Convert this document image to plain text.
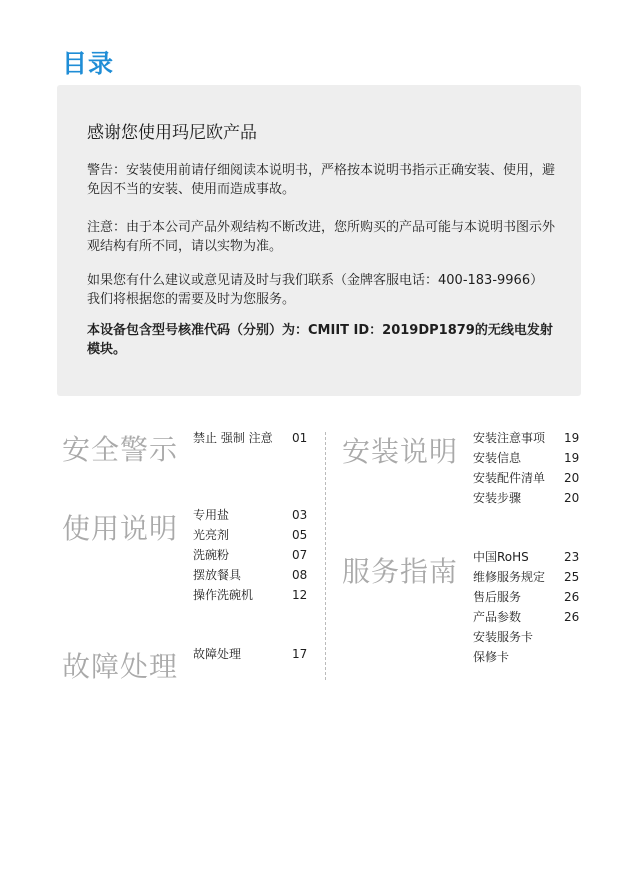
目录
感谢您使用玛尼欧产品
警告：安装使用前请仔细阅读本说明书，严格按本说明书指示正确安装、使用，避免因不当的安装、使用而造成事故。
注意：由于本公司产品外观结构不断改进，您所购买的产品可能与本说明书图示外观结构有所不同，请以实物为准。
如果您有什么建议或意见请及时与我们联系（金牌客服电话：400-183-9966）我们将根据您的需要及时为您服务。
本设备包含型号核准代码（分别）为：CMIIT ID：2019DP1879的无线电发射模块。
安全警示 禁止 强制 注意 01
使用说明 专用盐	03
光亮剂	05
洗碗粉	07
摆放餐具	08
操作洗碗机	12
故障处理 故障处理	17
安装说明 安装注意事项 19
安装信息	19
安装配件清单 20
安装步骤	20
服务指南 中国RoHS	23
维修服务规定 25
售后服务	26
产品参数	26
安装服务卡
保修卡
